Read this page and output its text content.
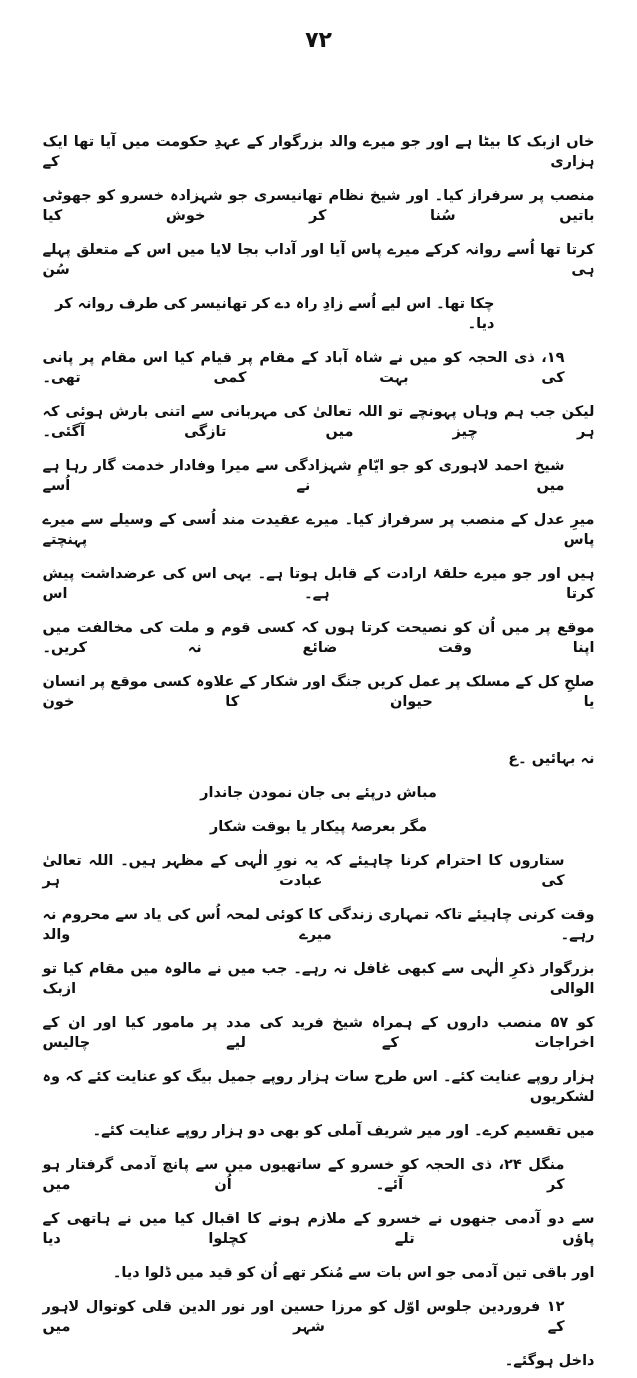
۷۲
خاں ازبک کا بیٹا ہے اور جو میرے والد بزرگوار کے عہدِ حکومت میں آیا تھا ایک ہزاری کے
منصب پر سرفراز کیا۔ اور شیخ نظام تھانیسری جو شہزادہ خسرو کو جھوٹی باتیں سُنا کر خوش کیا
کرتا تھا اُسے روانہ کرکے میرے پاس آیا اور آداب بجا لایا میں اس کے متعلق پہلے ہی سُن
چکا تھا۔ اس لیے اُسے زادِ راہ دے کر تھانیسر کی طرف روانہ کر دیا۔
۱۹، ذی الحجہ کو میں نے شاہ آباد کے مقام پر قیام کیا اس مقام پر پانی کی بہت کمی تھی۔
لیکن جب ہم وہاں پہونچے تو اللہ تعالیٰ کی مہربانی سے اتنی بارش ہوئی کہ ہر چیز میں تازگی آگئی۔
شیخ احمد لاہوری کو جو ایّامِ شہزادگی سے میرا وفادار خدمت گار رہا ہے میں نے اُسے
میرِ عدل کے منصب پر سرفراز کیا۔ میرے عقیدت مند اُسی کے وسیلے سے میرے پاس پہنچتے
ہیں اور جو میرے حلقۂ ارادت کے قابل ہوتا ہے۔ یہی اس کی عرضداشت پیش کرتا ہے۔ اس
موقع پر میں اُن کو نصیحت کرتا ہوں کہ کسی قوم و ملت کی مخالفت میں اپنا وقت ضائع نہ کریں۔
صلحِ کل کے مسلک پر عمل کریں جنگ اور شکار کے علاوہ کسی موقع پر انسان یا حیوان کا خون
نہ بہائیں ۔ع
مباش درپئے بی جان نمودن جاندار
مگر بعرصۂ پیکار یا بوقت شکار
ستاروں کا احترام کرنا چاہیئے کہ یہ نورِ الٰہی کے مظہر ہیں۔ اللہ تعالیٰ کی عبادت ہر
وقت کرنی چاہیئے تاکہ تمہاری زندگی کا کوئی لمحہ اُس کی یاد سے محروم نہ رہے۔ میرے والد
بزرگوار ذکرِ الٰہی سے کبھی غافل نہ رہے۔ جب میں نے مالوہ میں مقام کیا تو الوالی ازبک
کو ۵۷ منصب داروں کے ہمراہ شیخ فرید کی مدد پر مامور کیا اور ان کے اخراجات کے لیے چالیس
ہزار روپے عنایت کئے۔ اس طرح سات ہزار روپے جمیل بیگ کو عنایت کئے کہ وہ لشکریوں
میں تقسیم کرے۔ اور میر شریف آملی کو بھی دو ہزار روپے عنایت کئے۔
منگل ۲۴، ذی الحجہ کو خسرو کے ساتھیوں میں سے پانچ آدمی گرفتار ہو کر آئے۔ اُن میں
سے دو آدمی جنھوں نے خسرو کے ملازم ہونے کا اقبال کیا میں نے ہاتھی کے پاؤں تلے کچلوا دیا
اور باقی تین آدمی جو اس بات سے مُنکر تھے اُن کو قید میں ڈلوا دیا۔
۱۲ فروردین جلوس اوّل کو مرزا حسین اور نور الدین قلی کوتوال لاہور کے شہر میں
داخل ہوگئے۔
